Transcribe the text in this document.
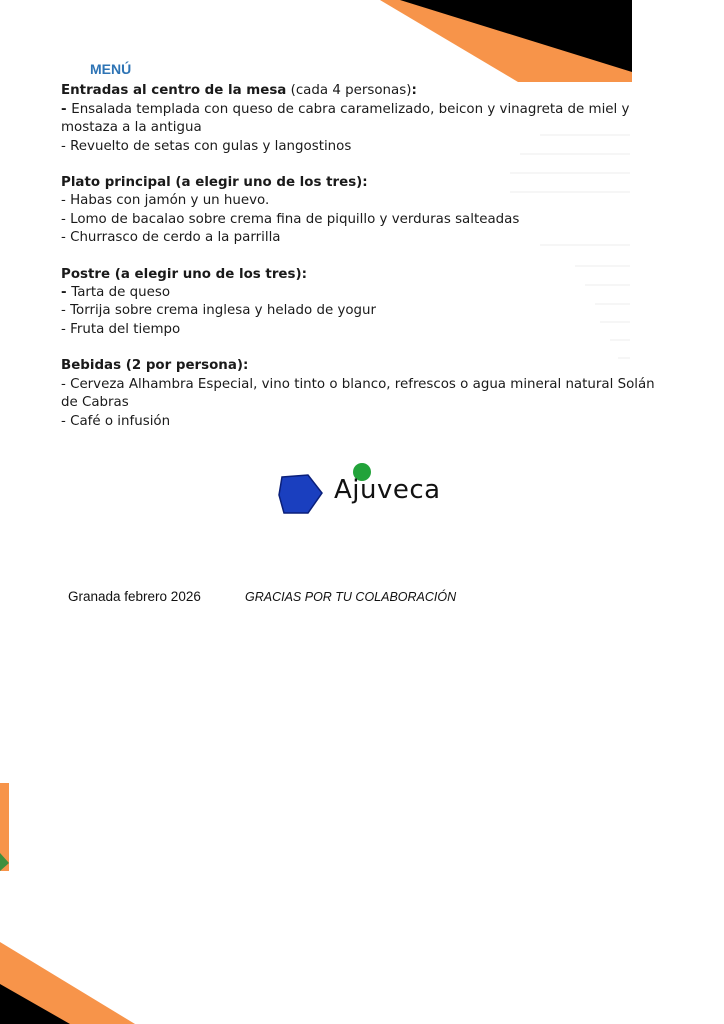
MENÚ
Entradas al centro de la mesa (cada 4 personas):
- Ensalada templada con queso de cabra caramelizado, beicon y vinagreta de miel y mostaza a la antigua
- Revuelto de setas con gulas y langostinos
Plato principal (a elegir uno de los tres):
- Habas con jamón y un huevo.
- Lomo de bacalao sobre crema fina de piquillo y verduras salteadas
- Churrasco de cerdo a la parrilla
Postre (a elegir uno de los tres):
- Tarta de queso
- Torrija sobre crema inglesa y helado de yogur
- Fruta del tiempo
Bebidas (2 por persona):
- Cerveza Alhambra Especial, vino tinto o blanco, refrescos o agua mineral natural Solán de Cabras
- Café o infusión
Ajuveca
Granada febrero 2026	GRACIAS POR TU COLABORACIÓN
